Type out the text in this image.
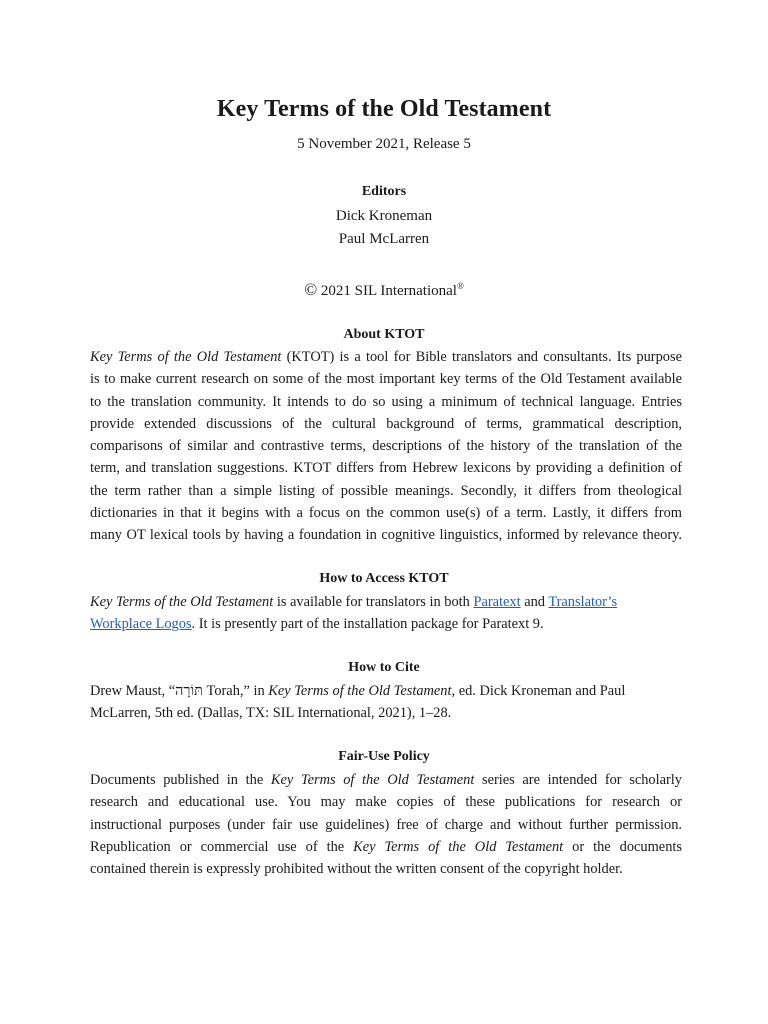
Key Terms of the Old Testament
5 November 2021, Release 5
Editors
Dick Kroneman
Paul McLarren
© 2021 SIL International®
About KTOT
Key Terms of the Old Testament (KTOT) is a tool for Bible translators and consultants. Its purpose
is to make current research on some of the most important key terms of the Old Testament available
to the translation community. It intends to do so using a minimum of technical language. Entries
provide extended discussions of the cultural background of terms, grammatical description,
comparisons of similar and contrastive terms, descriptions of the history of the translation of the
term, and translation suggestions. KTOT differs from Hebrew lexicons by providing a definition of
the term rather than a simple listing of possible meanings. Secondly, it differs from theological
dictionaries in that it begins with a focus on the common use(s) of a term. Lastly, it differs from
many OT lexical tools by having a foundation in cognitive linguistics, informed by relevance theory.
How to Access KTOT
Key Terms of the Old Testament is available for translators in both Paratext and Translator’s
Workplace Logos. It is presently part of the installation package for Paratext 9.
How to Cite
Drew Maust, “תּוֹרָה Torah,” in Key Terms of the Old Testament, ed. Dick Kroneman and Paul
McLarren, 5th ed. (Dallas, TX: SIL International, 2021), 1–28.
Fair-Use Policy
Documents published in the Key Terms of the Old Testament series are intended for scholarly
research and educational use. You may make copies of these publications for research or
instructional purposes (under fair use guidelines) free of charge and without further permission.
Republication or commercial use of the Key Terms of the Old Testament or the documents
contained therein is expressly prohibited without the written consent of the copyright holder.
